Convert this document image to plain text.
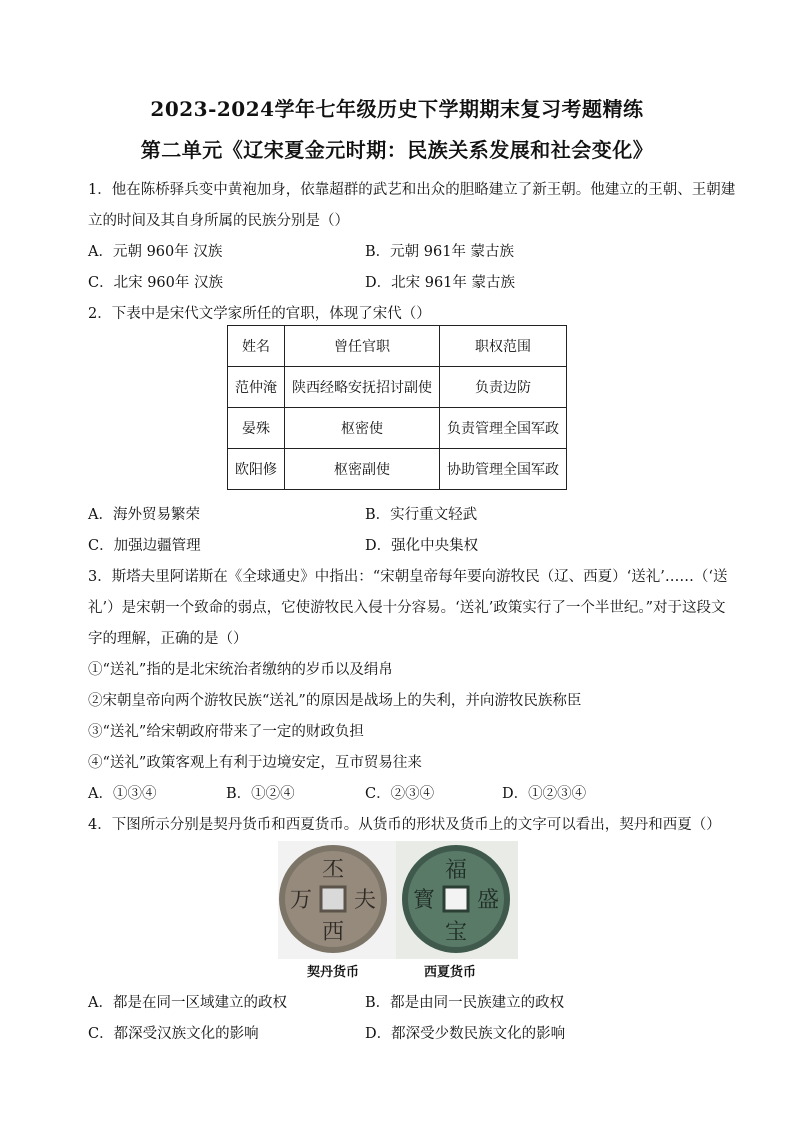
2023-2024学年七年级历史下学期期末复习考题精练
第二单元《辽宋夏金元时期：民族关系发展和社会变化》
1．他在陈桥驿兵变中黄袍加身，依靠超群的武艺和出众的胆略建立了新王朝。他建立的王朝、王朝建
立的时间及其自身所属的民族分别是（）
A．元朝 960年 汉族	B．元朝 961年 蒙古族
C．北宋 960年 汉族	D．北宋 961年 蒙古族
2．下表中是宋代文学家所任的官职，体现了宋代（）
姓名	曾任官职	职权范围
范仲淹	陕西经略安抚招讨副使	负责边防
晏殊	枢密使	负责管理全国军政
欧阳修	枢密副使	协助管理全国军政
A．海外贸易繁荣	B．实行重文轻武
C．加强边疆管理	D．强化中央集权
3．斯塔夫里阿诺斯在《全球通史》中指出：“宋朝皇帝每年要向游牧民（辽、西夏）‘送礼’……（‘送
礼’）是宋朝一个致命的弱点，它使游牧民入侵十分容易。‘送礼’政策实行了一个半世纪。”对于这段文
字的理解，正确的是（）
①“送礼”指的是北宋统治者缴纳的岁币以及绢帛
②宋朝皇帝向两个游牧民族“送礼”的原因是战场上的失利，并向游牧民族称臣
③“送礼”给宋朝政府带来了一定的财政负担
④“送礼”政策客观上有利于边境安定，互市贸易往来
A．①③④	B．①②④	C．②③④	D．①②③④
4．下图所示分别是契丹货币和西夏货币。从货币的形状及货币上的文字可以看出，契丹和西夏（）
丕
夫
西
万
福
盛
宝
寳
契丹货币	西夏货币
A．都是在同一区域建立的政权	B．都是由同一民族建立的政权
C．都深受汉族文化的影响	D．都深受少数民族文化的影响
